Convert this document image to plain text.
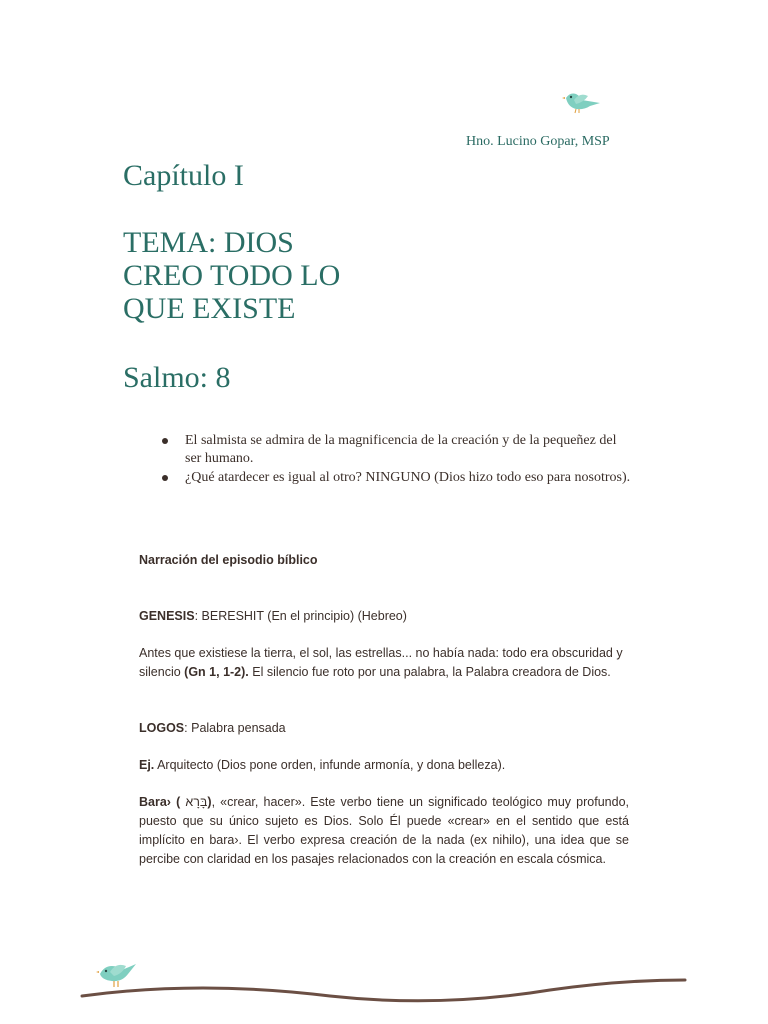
Hno. Lucino Gopar, MSP
Capítulo I
TEMA: DIOS
CREO TODO LO
QUE EXISTE
Salmo: 8
El salmista se admira de la magnificencia de la creación y de la pequeñez del ser humano.
¿Qué atardecer es igual al otro? NINGUNO (Dios hizo todo eso para nosotros).
Narración del episodio bíblico
GENESIS: BERESHIT (En el principio) (Hebreo)
Antes que existiese la tierra, el sol, las estrellas... no había nada: todo era obscuridad y silencio (Gn 1, 1-2). El silencio fue roto por una palabra, la Palabra creadora de Dios.
LOGOS: Palabra pensada
Ej. Arquitecto (Dios pone orden, infunde armonía, y dona belleza).
Bara› ( בָּרָא), «crear, hacer». Este verbo tiene un significado teológico muy profundo, puesto que su único sujeto es Dios. Solo Él puede «crear» en el sentido que está implícito en bara›. El verbo expresa creación de la nada (ex nihilo), una idea que se percibe con claridad en los pasajes relacionados con la creación en escala cósmica.
